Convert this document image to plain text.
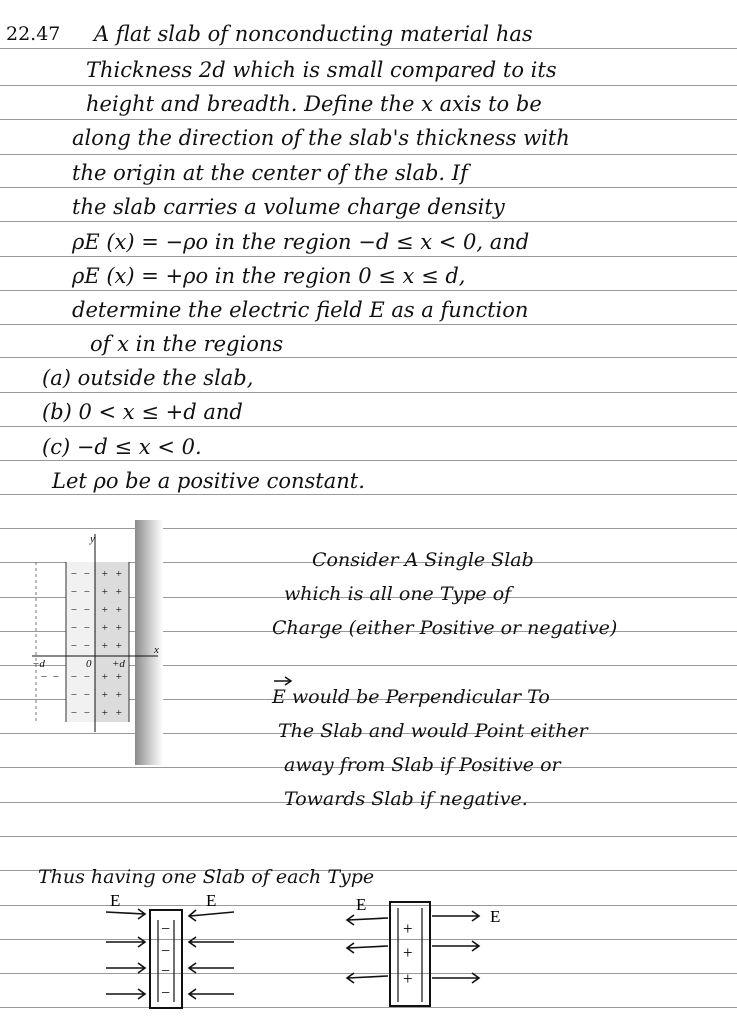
22.47 A flat slab of nonconducting material has
Thickness 2d which is small compared to its
height and breadth. Define the x axis to be
along the direction of the slab's thickness with
the origin at the center of the slab. If
the slab carries a volume charge density
ρE (x) = −ρo in the region −d ≤ x < 0, and
ρE (x) = +ρo in the region 0 ≤ x ≤ d,
determine the electric field E as a function
of x in the regions
(a) outside the slab,
(b) 0 < x ≤ +d and
(c) −d ≤ x < 0.
Let ρo be a positive constant.
y
x
−d	0 +d
− −
− −
− −
− −
− −
− −
− −
− −
− −
+ +
+ +
+ +
+ +
+ +
+ +
+ +
+ +
Consider A Single Slab
which is all one Type of
Charge (either Positive or negative)
E would be Perpendicular To
The Slab and would Point either
away from Slab if Positive or
Towards Slab if negative.
Thus having one Slab of each Type
E	E
−
−
−
−
E
E
+
+
+
